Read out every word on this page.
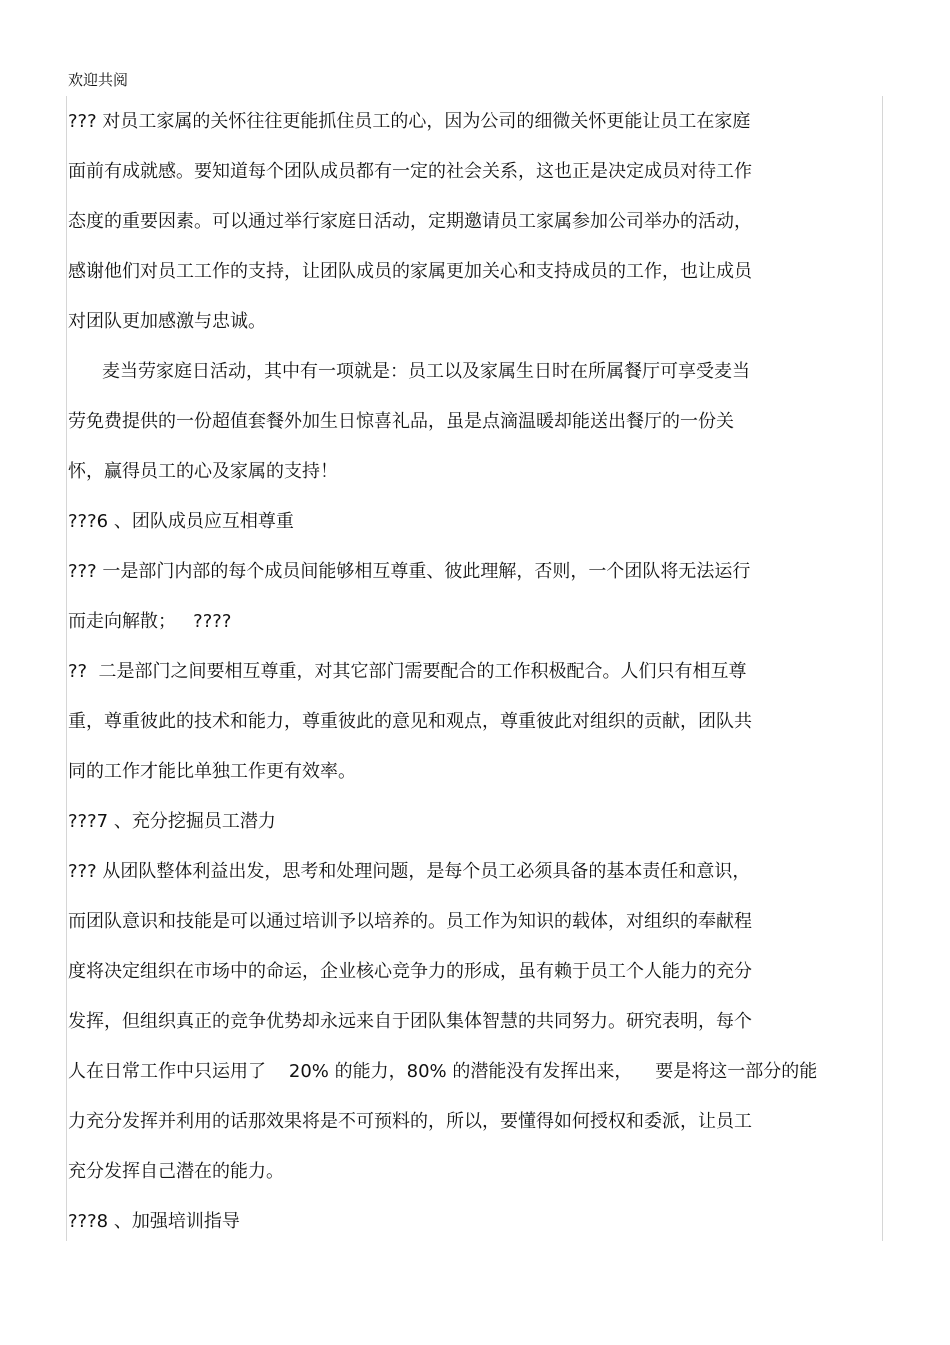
欢迎共阅
??? 对员工家属的关怀往往更能抓住员工的心，因为公司的细微关怀更能让员工在家庭
面前有成就感。要知道每个团队成员都有一定的社会关系，这也正是决定成员对待工作
态度的重要因素。可以通过举行家庭日活动，定期邀请员工家属参加公司举办的活动，
感谢他们对员工工作的支持，让团队成员的家属更加关心和支持成员的工作，也让成员
对团队更加感激与忠诚。
麦当劳家庭日活动，其中有一项就是：员工以及家属生日时在所属餐厅可享受麦当
劳免费提供的一份超值套餐外加生日惊喜礼品，虽是点滴温暖却能送出餐厅的一份关
怀，赢得员工的心及家属的支持！
???6 、团队成员应互相尊重
??? 一是部门内部的每个成员间能够相互尊重、彼此理解，否则，一个团队将无法运行
而走向解散；   ????
??  二是部门之间要相互尊重，对其它部门需要配合的工作积极配合。人们只有相互尊
重，尊重彼此的技术和能力，尊重彼此的意见和观点，尊重彼此对组织的贡献，团队共
同的工作才能比单独工作更有效率。
???7 、充分挖掘员工潜力
??? 从团队整体利益出发，思考和处理问题，是每个员工必须具备的基本责任和意识，
而团队意识和技能是可以通过培训予以培养的。员工作为知识的载体，对组织的奉献程
度将决定组织在市场中的命运，企业核心竞争力的形成，虽有赖于员工个人能力的充分
发挥，但组织真正的竞争优势却永远来自于团队集体智慧的共同努力。研究表明，每个
人在日常工作中只运用了    20% 的能力，80% 的潜能没有发挥出来，    要是将这一部分的能
力充分发挥并利用的话那效果将是不可预料的，所以，要懂得如何授权和委派，让员工
充分发挥自己潜在的能力。
???8 、加强培训指导
